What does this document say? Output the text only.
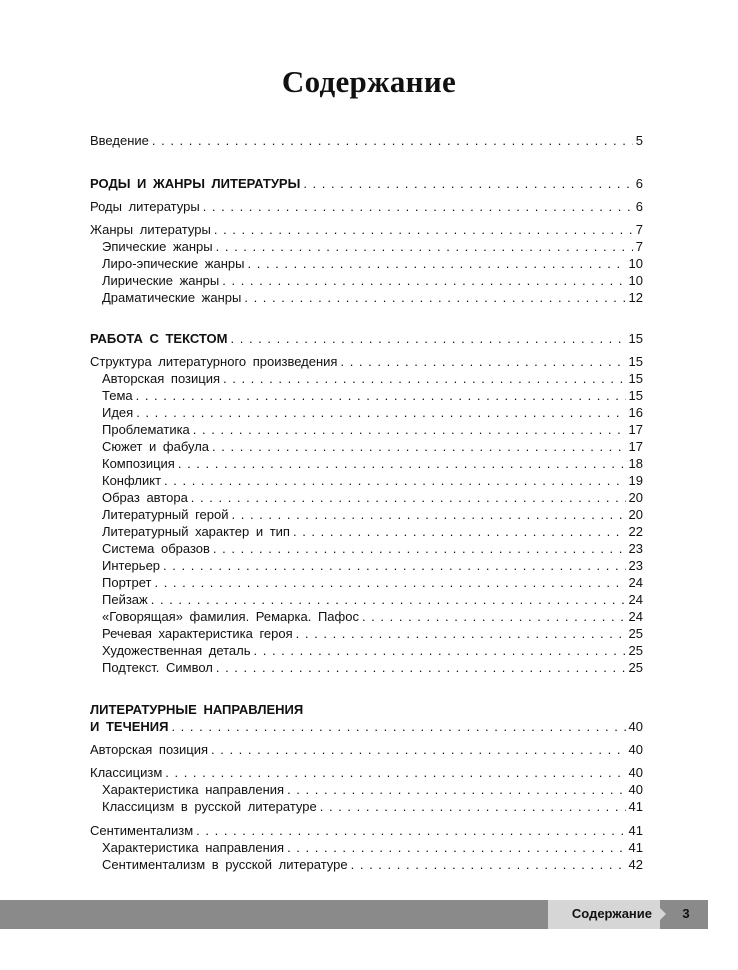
Содержание
Введение . . .	5
РОДЫ И ЖАНРЫ ЛИТЕРАТУРЫ . . .	6
Роды литературы . . .	6
Жанры литературы . . .	7
Эпические жанры . . .	7
Лиро-эпические жанры . . .	10
Лирические жанры . . .	10
Драматические жанры . . .	12
РАБОТА С ТЕКСТОМ . . .	15
Структура литературного произведения . . .	15
Авторская позиция . . .	15
Тема . . .	15
Идея . . .	16
Проблематика . . .	17
Сюжет и фабула . . .	17
Композиция . . .	18
Конфликт . . .	19
Образ автора . . .	20
Литературный герой . . .	20
Литературный характер и тип . . .	22
Система образов . . .	23
Интерьер . . .	23
Портрет . . .	24
Пейзаж . . .	24
«Говорящая» фамилия. Ремарка. Пафос . . .	24
Речевая характеристика героя . . .	25
Художественная деталь . . .	25
Подтекст. Символ . . .	25
ЛИТЕРАТУРНЫЕ НАПРАВЛЕНИЯ
И ТЕЧЕНИЯ . . .	40
Авторская позиция . . .	40
Классицизм . . .	40
Характеристика направления . . .	40
Классицизм в русской литературе . . .	41
Сентиментализм . . .	41
Характеристика направления . . .	41
Сентиментализм в русской литературе . . .	42
Содержание	3
